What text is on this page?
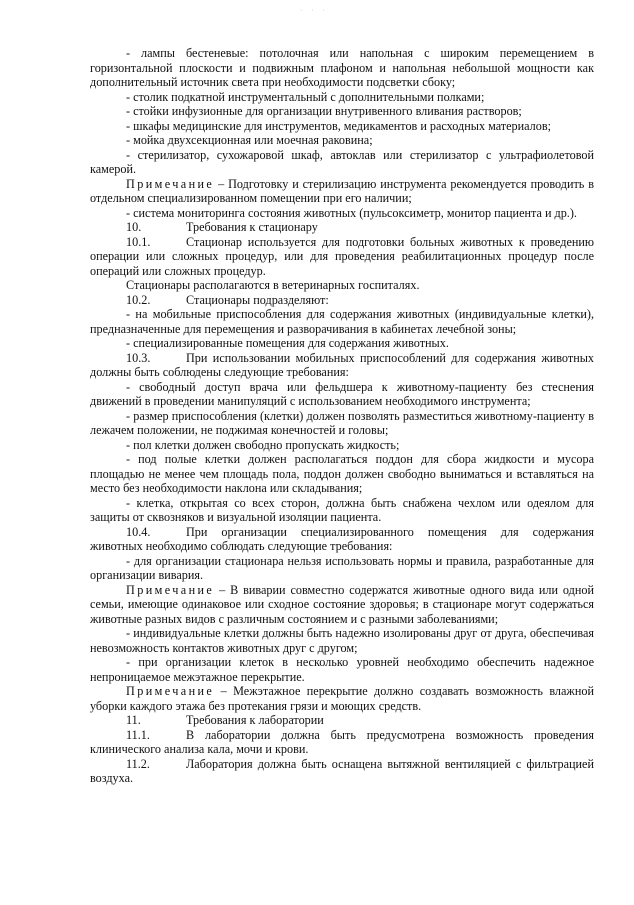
· · ·

- лампы бестеневые: потолочная или напольная с широким перемещением в горизонтальной плоскости и подвижным плафоном и напольная небольшой мощности как дополнительный источник света при необходимости подсветки сбоку;

- столик подкатной инструментальный с дополнительными полками;

- стойки инфузионные для организации внутривенного вливания растворов;

- шкафы медицинские для инструментов, медикаментов и расходных материалов;

- мойка двухсекционная или моечная раковина;

- стерилизатор, сухожаровой шкаф, автоклав или стерилизатор с ультрафиолетовой камерой.

Примечание – Подготовку и стерилизацию инструмента рекомендуется проводить в отдельном специализированном помещении при его наличии;

- система мониторинга состояния животных (пульсоксиметр, монитор пациента и др.).

10.	Требования к стационару

10.1.	Стационар используется для подготовки больных животных к проведению операции или сложных процедур, или для проведения реабилитационных процедур после операций или сложных процедур.

Стационары располагаются в ветеринарных госпиталях.

10.2.	Стационары подразделяют:

- на мобильные приспособления для содержания животных (индивидуальные клетки), предназначенные для перемещения и разворачивания в кабинетах лечебной зоны;

- специализированные помещения для содержания животных.

10.3.	При использовании мобильных приспособлений для содержания животных должны быть соблюдены следующие требования:

- свободный доступ врача или фельдшера к животному-пациенту без стеснения движений в проведении манипуляций с использованием необходимого инструмента;

- размер приспособления (клетки) должен позволять разместиться животному-пациенту в лежачем положении, не поджимая конечностей и головы;

- пол клетки должен свободно пропускать жидкость;

- под полые клетки должен располагаться поддон для сбора жидкости и мусора площадью не менее чем площадь пола, поддон должен свободно выниматься и вставляться на место без необходимости наклона или складывания;

- клетка, открытая со всех сторон, должна быть снабжена чехлом или одеялом для защиты от сквозняков и визуальной изоляции пациента.

10.4.	При организации специализированного помещения для содержания животных необходимо соблюдать следующие требования:

- для организации стационара нельзя использовать нормы и правила, разработанные для организации вивария.

Примечание – В виварии совместно содержатся животные одного вида или одной семьи, имеющие одинаковое или сходное состояние здоровья; в стационаре могут содержаться животные разных видов с различным состоянием и с разными заболеваниями;

- индивидуальные клетки должны быть надежно изолированы друг от друга, обеспечивая невозможность контактов животных друг с другом;

- при организации клеток в несколько уровней необходимо обеспечить надежное непроницаемое межэтажное перекрытие.

Примечание – Межэтажное перекрытие должно создавать возможность влажной уборки каждого этажа без протекания грязи и моющих средств.

11.	Требования к лаборатории

11.1.	В лаборатории должна быть предусмотрена возможность проведения клинического анализа кала, мочи и крови.

11.2.	Лаборатория должна быть оснащена вытяжной вентиляцией с фильтрацией воздуха.
